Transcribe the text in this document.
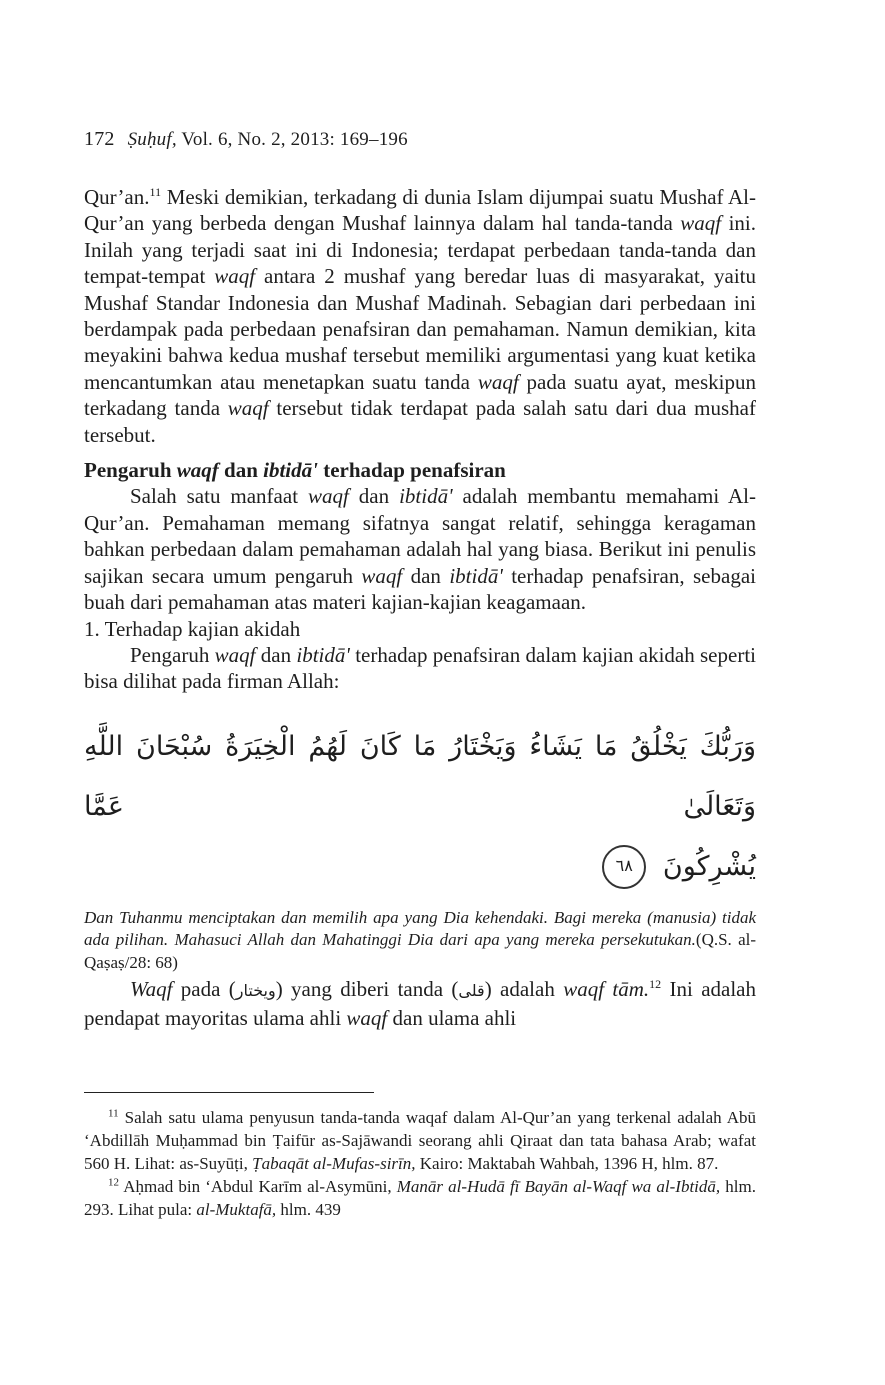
172 Ṣuḥuf, Vol. 6, No. 2, 2013: 169–196

Qur’an.$^{11}$ Meski demikian, terkadang di dunia Islam dijumpai suatu Mushaf Al-Qur’an yang berbeda dengan Mushaf lainnya dalam hal tanda-tanda waqf ini. Inilah yang terjadi saat ini di Indonesia; terdapat perbedaan tanda-tanda dan tempat-tempat waqf antara 2 mushaf yang beredar luas di masyarakat, yaitu Mushaf Standar Indonesia dan Mushaf Madinah. Sebagian dari perbedaan ini berdampak pada perbedaan penafsiran dan pemahaman. Namun demikian, kita meyakini bahwa kedua mushaf tersebut memiliki argumentasi yang kuat ketika mencantumkan atau menetapkan suatu tanda waqf pada suatu ayat, meskipun terkadang tanda waqf tersebut tidak terdapat pada salah satu dari dua mushaf tersebut.

Pengaruh waqf dan ibtidā' terhadap penafsiran

Salah satu manfaat waqf dan ibtidā' adalah membantu memahami Al-Qur’an. Pemahaman memang sifatnya sangat relatif, sehingga keragaman bahkan perbedaan dalam pemahaman adalah hal yang biasa. Berikut ini penulis sajikan secara umum pengaruh waqf dan ibtidā' terhadap penafsiran, sebagai buah dari pemahaman atas materi kajian-kajian keagamaan.

1. Terhadap kajian akidah

Pengaruh waqf dan ibtidā' terhadap penafsiran dalam kajian akidah seperti bisa dilihat pada firman Allah:

وَرَبُّكَ يَخْلُقُ مَا يَشَاءُ وَيَخْتَارُ مَا كَانَ لَهُمُ الْخِيَرَةُ سُبْحَانَ اللَّهِ وَتَعَالَىٰ عَمَّا
يُشْرِكُونَ ٦٨

Dan Tuhanmu menciptakan dan memilih apa yang Dia kehendaki. Bagi mereka (manusia) tidak ada pilihan. Mahasuci Allah dan Mahatinggi Dia dari apa yang mereka persekutukan.(Q.S. al-Qaṣaṣ/28: 68)

Waqf pada (ويختار) yang diberi tanda (قلى) adalah waqf tām.$^{12}$ Ini adalah pendapat mayoritas ulama ahli waqf dan ulama ahli

$^{11}$ Salah satu ulama penyusun tanda-tanda waqaf dalam Al-Qur’an yang terkenal adalah Abū ‘Abdillāh Muḥammad bin Ṭaifūr as-Sajāwandi seorang ahli Qiraat dan tata bahasa Arab; wafat 560 H. Lihat: as-Suyūṭi, Ṭabaqāt al-Mufas-sirīn, Kairo: Maktabah Wahbah, 1396 H, hlm. 87.

$^{12}$ Aḥmad bin ‘Abdul Karīm al-Asymūni, Manār al-Hudā fī Bayān al-Waqf wa al-Ibtidā, hlm. 293. Lihat pula: al-Muktafā, hlm. 439
